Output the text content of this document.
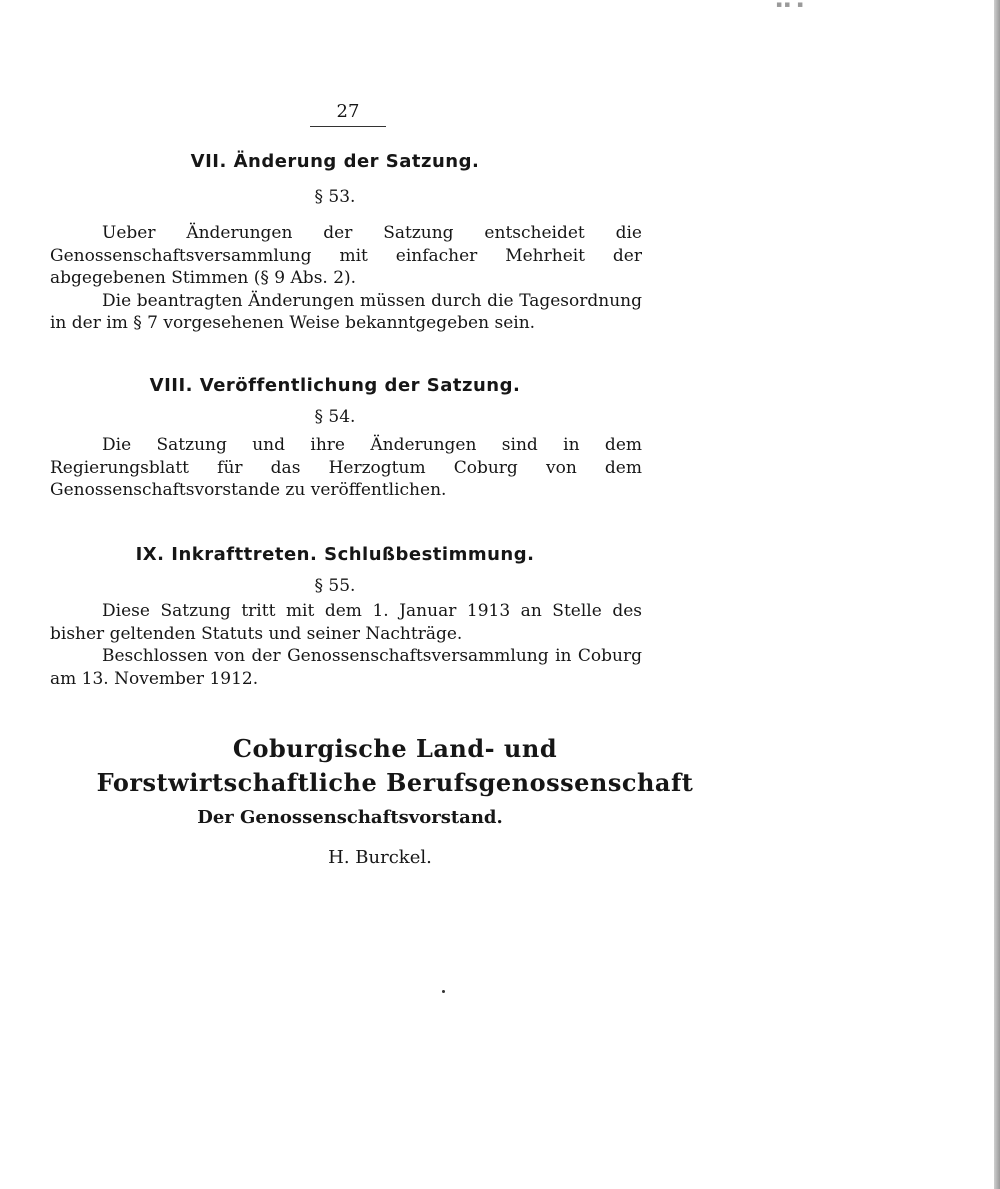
▪▪ ▪
27
VII. Änderung der Satzung.
§ 53.

Ueber Änderungen der Satzung entscheidet die Genossenschaftsversammlung mit einfacher Mehrheit der abgegebenen Stimmen (§ 9 Abs. 2).

Die beantragten Änderungen müssen durch die Tagesordnung in der im § 7 vorgesehenen Weise bekanntgegeben sein.

VIII. Veröffentlichung der Satzung.
§ 54.

Die Satzung und ihre Änderungen sind in dem Regierungsblatt für das Herzogtum Coburg von dem Genossenschaftsvorstande zu veröffentlichen.

IX. Inkrafttreten. Schlußbestimmung.
§ 55.

Diese Satzung tritt mit dem 1. Januar 1913 an Stelle des bisher geltenden Statuts und seiner Nachträge.

Beschlossen von der Genossenschaftsversammlung in Coburg am 13. November 1912.

Coburgische Land- und
Forstwirtschaftliche Berufsgenossenschaft
Der Genossenschaftsvorstand.
H. Burckel.
